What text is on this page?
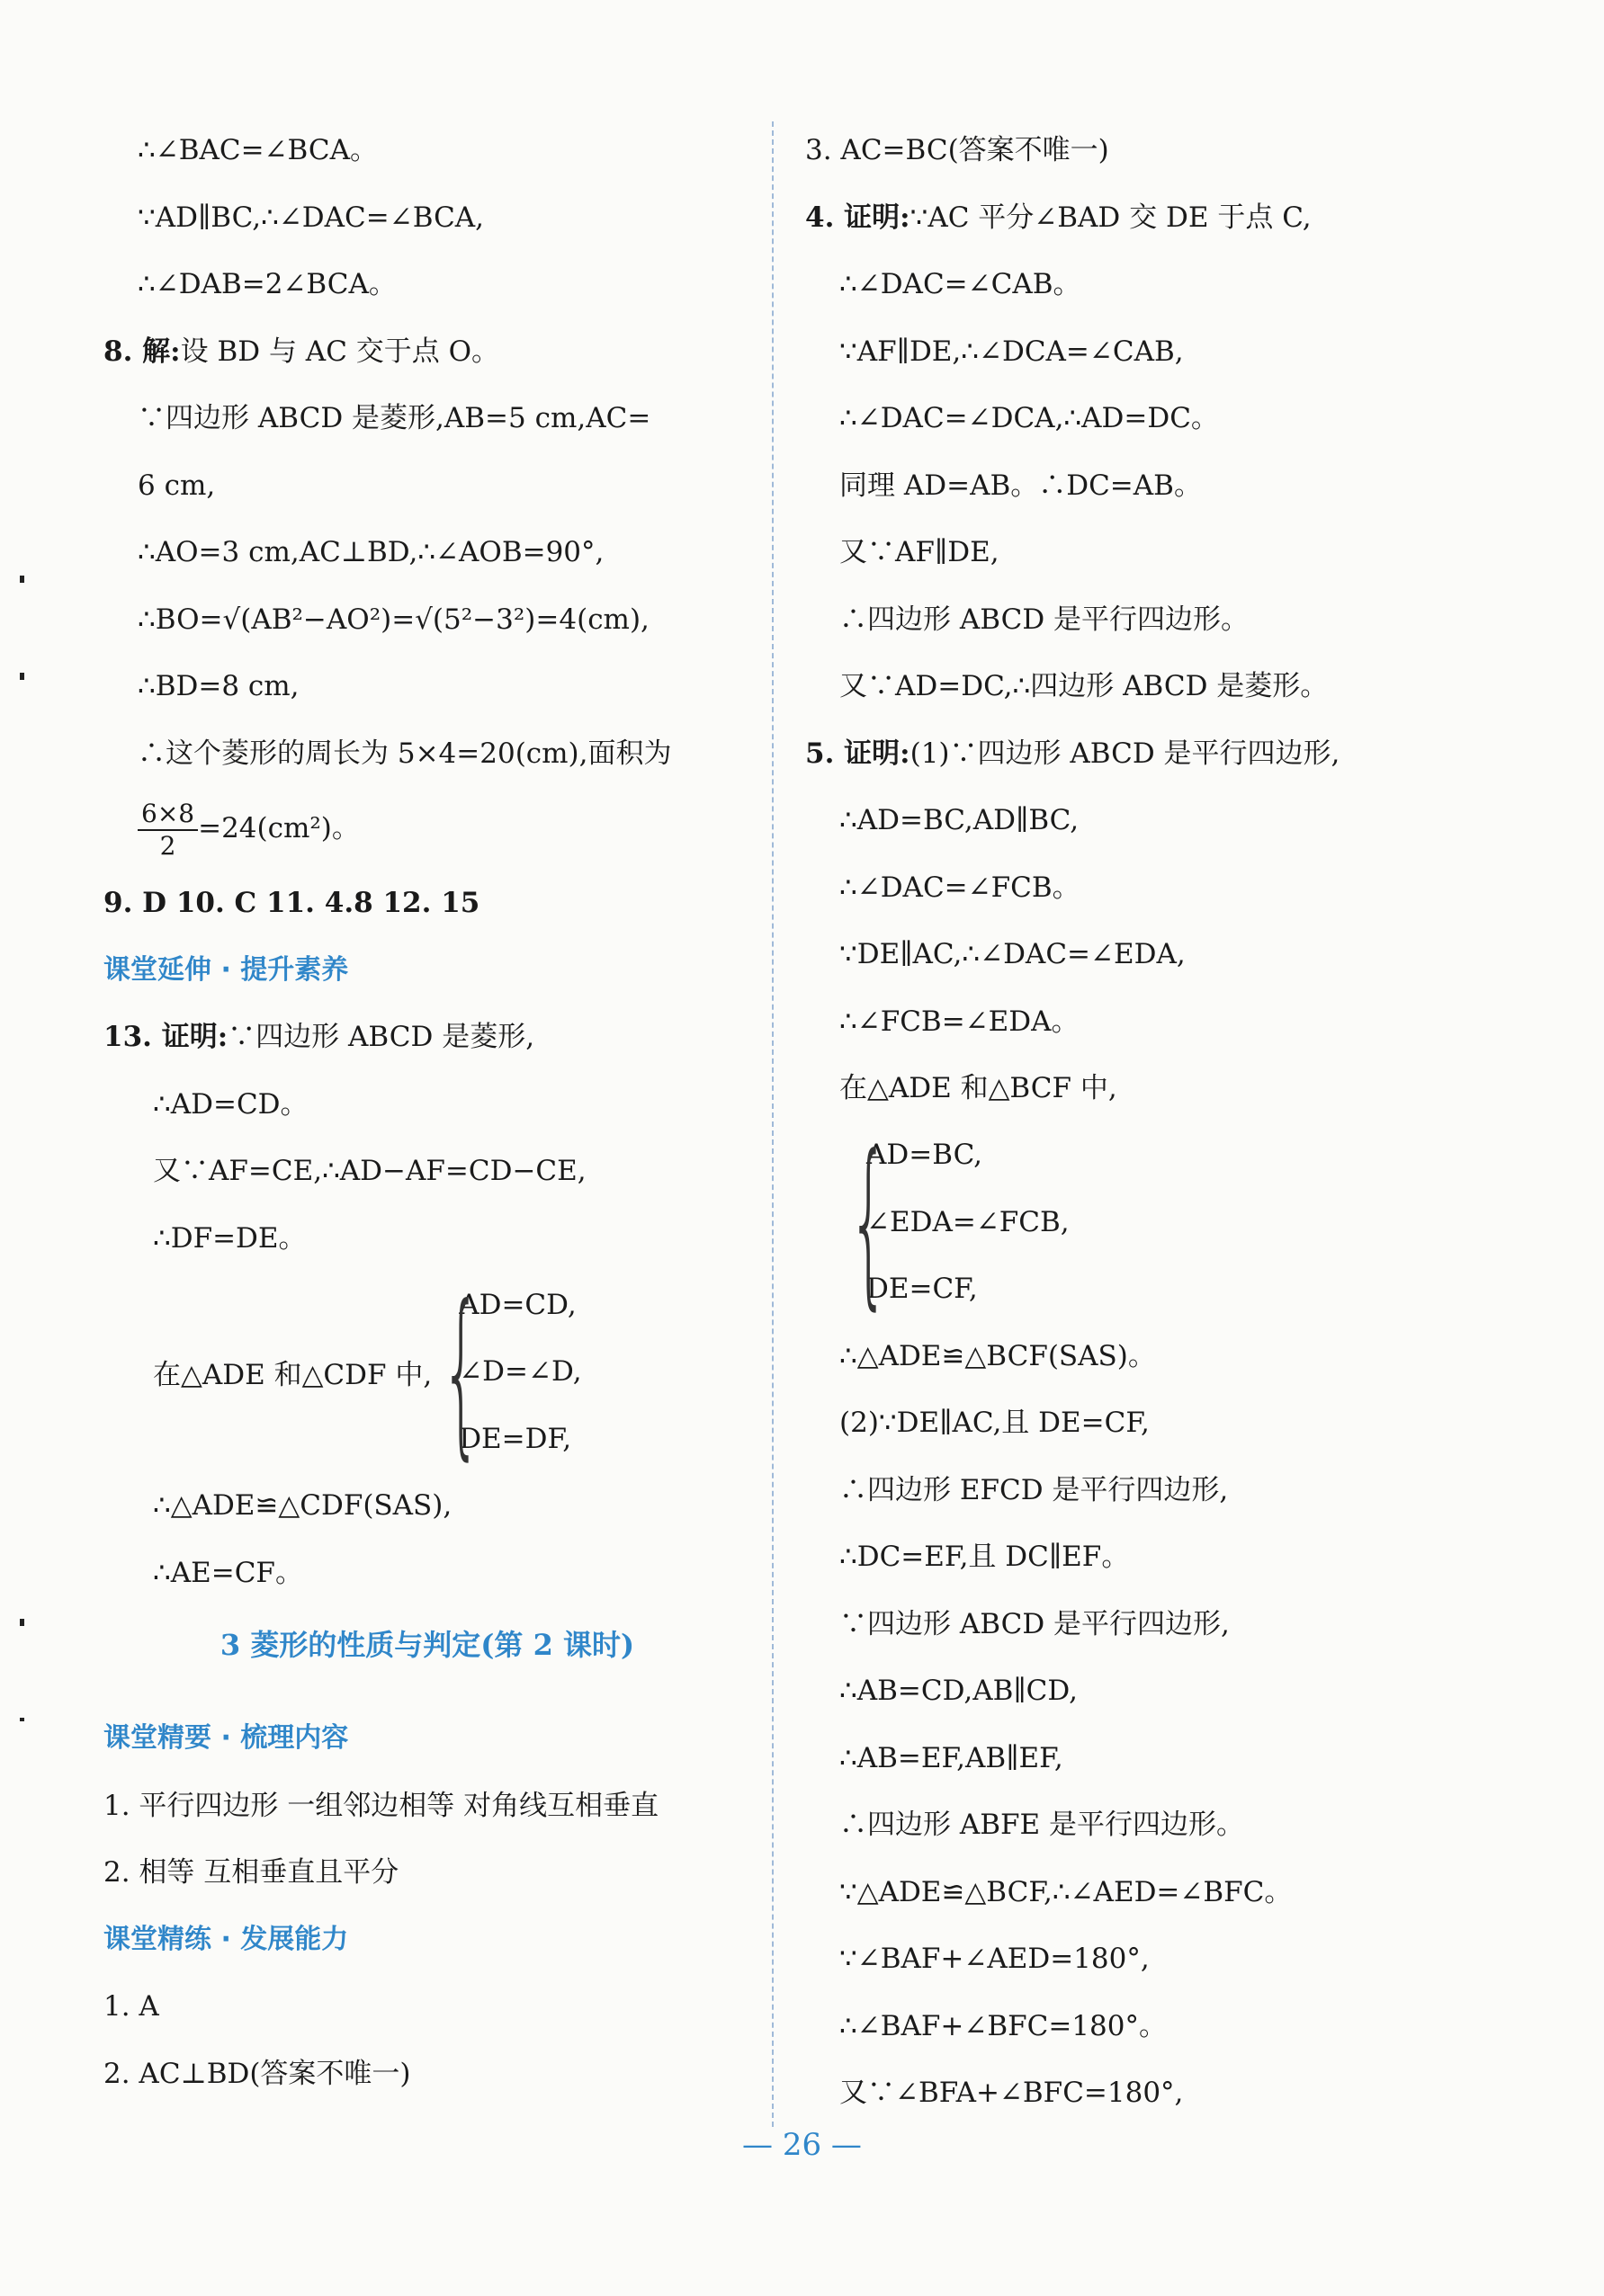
∴∠BAC=∠BCA。
∵AD∥BC,∴∠DAC=∠BCA,
∴∠DAB=2∠BCA。
8. 解:设 BD 与 AC 交于点 O。
∵四边形 ABCD 是菱形,AB=5 cm,AC=
6 cm,
∴AO=3 cm,AC⊥BD,∴∠AOB=90°,
∴BO=√(AB²−AO²)=√(5²−3²)=4(cm),
∴BD=8 cm,
∴这个菱形的周长为 5×4=20(cm),面积为
$\frac{6\times 8}{2} =24(cm^2)$。
9. D 10. C 11. 4.8 12. 15
课堂延伸 · 提升素养
13. 证明:∵四边形 ABCD 是菱形,
∴AD=CD。
又∵AF=CE,∴AD−AF=CD−CE,
∴DF=DE。
在△ADE 和△CDF 中, {
AD=CD,
∠D=∠D,
DE=DF,
∴△ADE≌△CDF(SAS),
∴AE=CF。
3 菱形的性质与判定(第 2 课时)
课堂精要 · 梳理内容
1. 平行四边形 一组邻边相等 对角线互相垂直
2. 相等 互相垂直且平分
课堂精练 · 发展能力
1. A
2. AC⊥BD(答案不唯一)
3. AC=BC(答案不唯一)
4. 证明:∵AC 平分∠BAD 交 DE 于点 C,
∴∠DAC=∠CAB。
∵AF∥DE,∴∠DCA=∠CAB,
∴∠DAC=∠DCA,∴AD=DC。
同理 AD=AB。∴DC=AB。
又∵AF∥DE,
∴四边形 ABCD 是平行四边形。
又∵AD=DC,∴四边形 ABCD 是菱形。
5. 证明:(1)∵四边形 ABCD 是平行四边形,
∴AD=BC,AD∥BC,
∴∠DAC=∠FCB。
∵DE∥AC,∴∠DAC=∠EDA,
∴∠FCB=∠EDA。
在△ADE 和△BCF 中,
{
AD=BC,
∠EDA=∠FCB,
DE=CF,
∴△ADE≌△BCF(SAS)。
(2)∵DE∥AC,且 DE=CF,
∴四边形 EFCD 是平行四边形,
∴DC=EF,且 DC∥EF。
∵四边形 ABCD 是平行四边形,
∴AB=CD,AB∥CD,
∴AB=EF,AB∥EF,
∴四边形 ABFE 是平行四边形。
∵△ADE≌△BCF,∴∠AED=∠BFC。
∵∠BAF+∠AED=180°,
∴∠BAF+∠BFC=180°。
又∵∠BFA+∠BFC=180°,
— 26 —
